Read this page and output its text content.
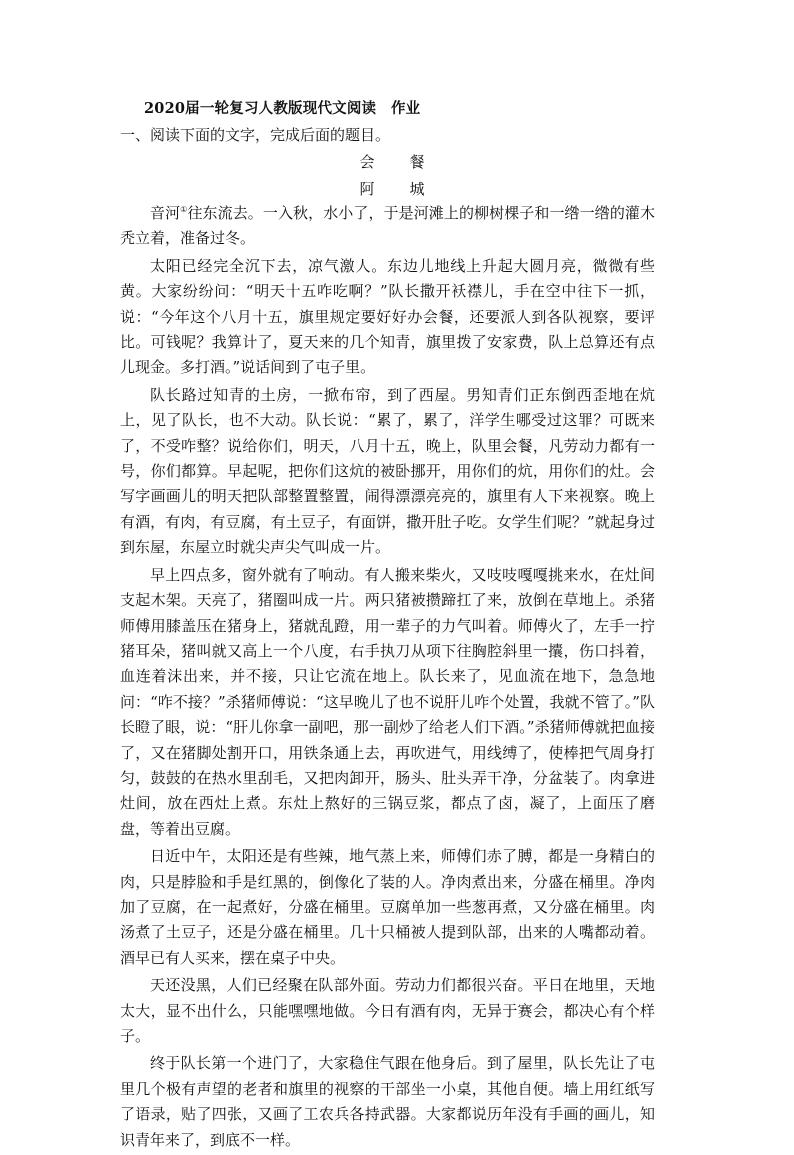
2020届一轮复习人教版现代文阅读　作业
一、阅读下面的文字，完成后面的题目。
会　餐
阿　城

音河①往东流去。一入秋，水小了，于是河滩上的柳树棵子和一绺一绺的灌木秃立着，准备过冬。

太阳已经完全沉下去，凉气激人。东边儿地线上升起大圆月亮，微微有些黄。大家纷纷问：“明天十五咋吃啊？”队长撒开袄襟儿，手在空中往下一抓，说：“今年这个八月十五，旗里规定要好好办会餐，还要派人到各队视察，要评比。可钱呢？我算计了，夏天来的几个知青，旗里拨了安家费，队上总算还有点儿现金。多打酒。”说话间到了屯子里。

队长路过知青的土房，一掀布帘，到了西屋。男知青们正东倒西歪地在炕上，见了队长，也不大动。队长说：“累了，累了，洋学生哪受过这罪？可既来了，不受咋整？说给你们，明天，八月十五，晚上，队里会餐，凡劳动力都有一号，你们都算。早起呢，把你们这炕的被卧挪开，用你们的炕，用你们的灶。会写字画画儿的明天把队部整置整置，闹得漂漂亮亮的，旗里有人下来视察。晚上有酒，有肉，有豆腐，有土豆子，有面饼，撒开肚子吃。女学生们呢？”就起身过到东屋，东屋立时就尖声尖气叫成一片。

早上四点多，窗外就有了响动。有人搬来柴火，又吱吱嘎嘎挑来水，在灶间支起木架。天亮了，猪圈叫成一片。两只猪被攒蹄扛了来，放倒在草地上。杀猪师傅用膝盖压在猪身上，猪就乱蹬，用一辈子的力气叫着。师傅火了，左手一拧猪耳朵，猪叫就又高上一个八度，右手执刀从项下往胸腔斜里一攮，伤口抖着，血连着沫出来，并不接，只让它流在地上。队长来了，见血流在地下，急急地问：“咋不接？”杀猪师傅说：“这早晚儿了也不说肝儿咋个处置，我就不管了。”队长瞪了眼，说：“肝儿你拿一副吧，那一副炒了给老人们下酒。”杀猪师傅就把血接了，又在猪脚处割开口，用铁条通上去，再吹进气，用线缚了，使棒把气周身打匀，鼓鼓的在热水里刮毛，又把肉卸开，肠头、肚头弄干净，分盆装了。肉拿进灶间，放在西灶上煮。东灶上熬好的三锅豆浆，都点了卤，凝了，上面压了磨盘，等着出豆腐。

日近中午，太阳还是有些辣，地气蒸上来，师傅们赤了膊，都是一身精白的肉，只是脖脸和手是红黑的，倒像化了装的人。净肉煮出来，分盛在桶里。净肉加了豆腐，在一起煮好，分盛在桶里。豆腐单加一些葱再煮，又分盛在桶里。肉汤煮了土豆子，还是分盛在桶里。几十只桶被人提到队部，出来的人嘴都动着。酒早已有人买来，摆在桌子中央。

天还没黑，人们已经聚在队部外面。劳动力们都很兴奋。平日在地里，天地太大，显不出什么，只能嘿嘿地做。今日有酒有肉，无异于赛会，都决心有个样子。

终于队长第一个进门了，大家稳住气跟在他身后。到了屋里，队长先让了屯里几个极有声望的老者和旗里的视察的干部坐一小桌，其他自便。墙上用红纸写了语录，贴了四张，又画了工农兵各持武器。大家都说历年没有手画的画儿，知识青年来了，到底不一样。
